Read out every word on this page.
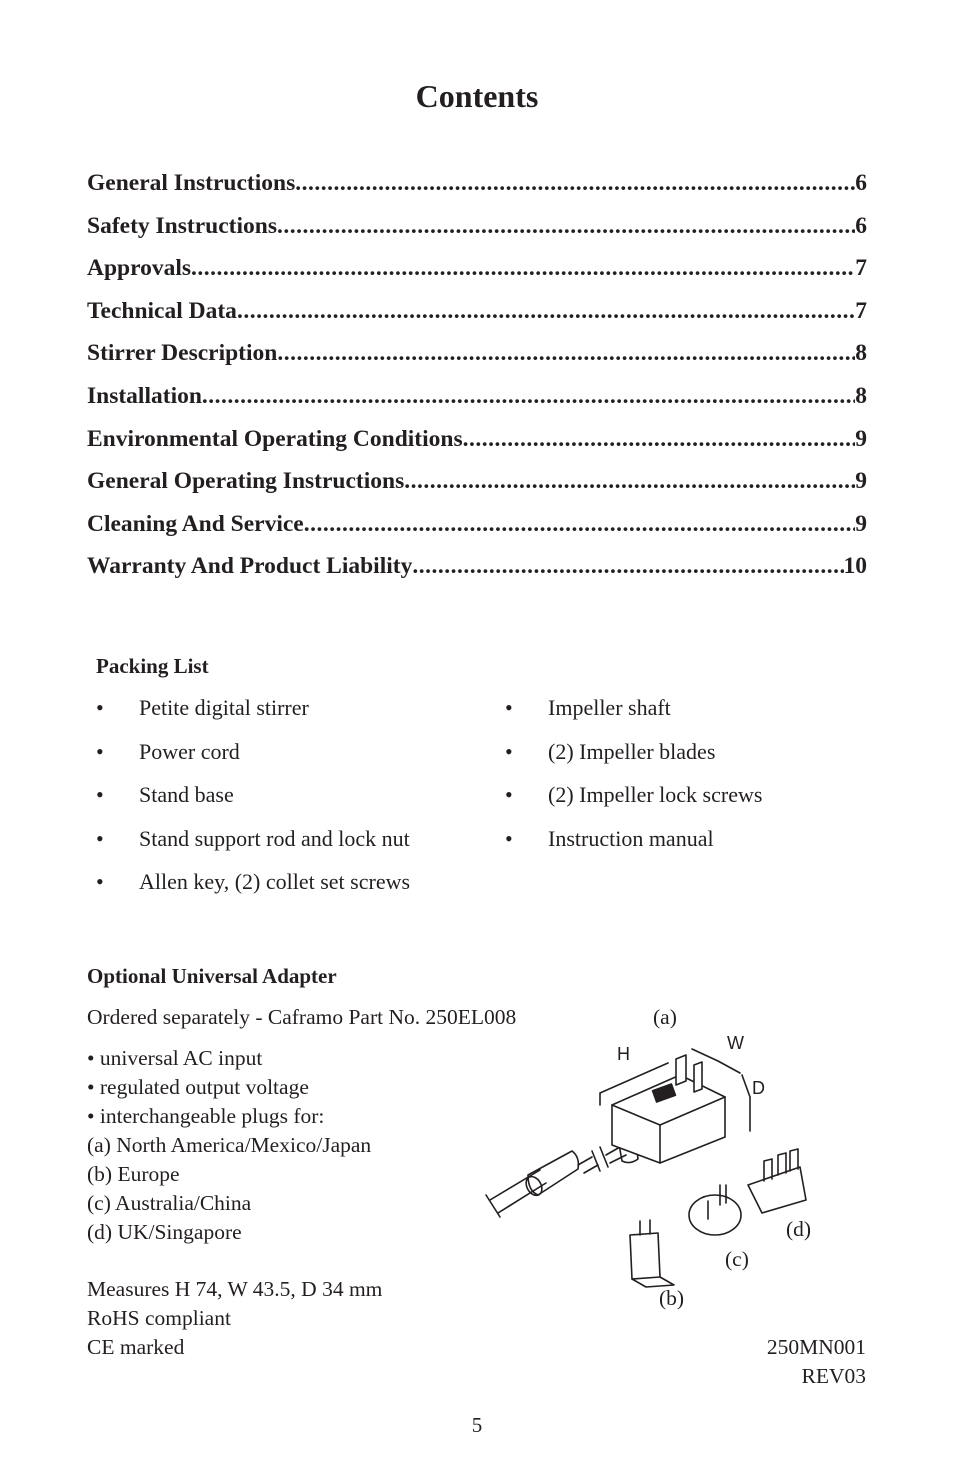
Contents
General Instructions .....	6
Safety Instructions .....	6
Approvals .....	7
Technical Data .....	7
Stirrer Description .....	8
Installation .....	8
Environmental Operating Conditions .....	9
General Operating Instructions .....	9
Cleaning And Service .....	9
Warranty And Product Liability .....	10
Packing List
• Petite digital stirrer
• Power cord
• Stand base
• Stand support rod and lock nut
• Allen key, (2) collet set screws
• Impeller shaft
• (2) Impeller blades
• (2) Impeller lock screws
• Instruction manual
Optional Universal Adapter
Ordered separately - Caframo Part No. 250EL008	(a)
• universal AC input
• regulated output voltage
• interchangeable plugs for:
(a) North America/Mexico/Japan
(b) Europe
(c) Australia/China
(d) UK/Singapore
Measures H 74, W 43.5, D 34 mm
RoHS compliant
CE marked
H
W
D
(d)
(c)
(b)
250MN001
REV03
5
